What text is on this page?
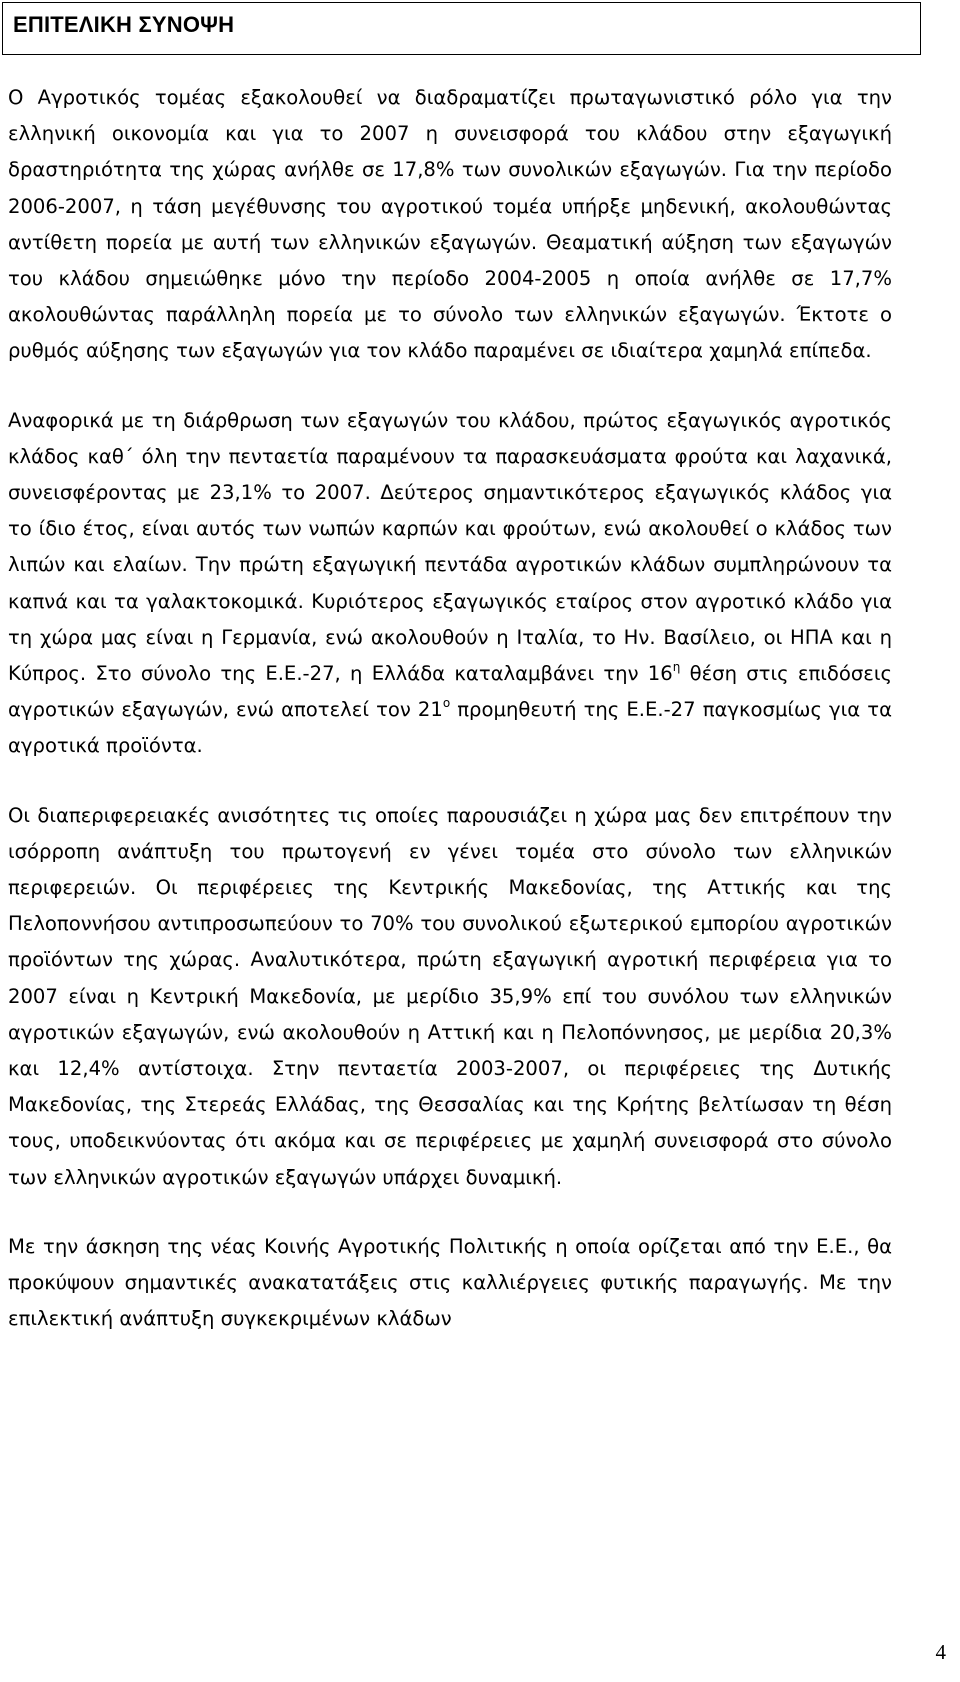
ΕΠΙΤΕΛΙΚΗ ΣΥΝΟΨΗ

Ο Αγροτικός τομέας εξακολουθεί να διαδραματίζει πρωταγωνιστικό ρόλο για την ελληνική οικονομία και για το 2007 η συνεισφορά του κλάδου στην εξαγωγική δραστηριότητα της χώρας ανήλθε σε 17,8% των συνολικών εξαγωγών. Για την περίοδο 2006-2007, η τάση μεγέθυνσης του αγροτικού τομέα υπήρξε μηδενική, ακολουθώντας αντίθετη πορεία με αυτή των ελληνικών εξαγωγών. Θεαματική αύξηση των εξαγωγών του κλάδου σημειώθηκε μόνο την περίοδο 2004-2005 η οποία ανήλθε σε 17,7% ακολουθώντας παράλληλη πορεία με το σύνολο των ελληνικών εξαγωγών. Έκτοτε ο ρυθμός αύξησης των εξαγωγών για τον κλάδο παραμένει σε ιδιαίτερα χαμηλά επίπεδα.

Αναφορικά με τη διάρθρωση των εξαγωγών του κλάδου, πρώτος εξαγωγικός αγροτικός κλάδος καθ΄ όλη την πενταετία παραμένουν τα παρασκευάσματα φρούτα και λαχανικά, συνεισφέροντας με 23,1% το 2007. Δεύτερος σημαντικότερος εξαγωγικός κλάδος για το ίδιο έτος, είναι αυτός των νωπών καρπών και φρούτων, ενώ ακολουθεί ο κλάδος των λιπών και ελαίων. Την πρώτη εξαγωγική πεντάδα αγροτικών κλάδων συμπληρώνουν τα καπνά και τα γαλακτοκομικά. Κυριότερος εξαγωγικός εταίρος στον αγροτικό κλάδο για τη χώρα μας είναι η Γερμανία, ενώ ακολουθούν η Ιταλία, το Ην. Βασίλειο, οι ΗΠΑ και η Κύπρος. Στο σύνολο της Ε.Ε.-27, η Ελλάδα καταλαμβάνει την $16^\eta$ θέση στις επιδόσεις αγροτικών εξαγωγών, ενώ αποτελεί τον $21^o$ προμηθευτή της Ε.Ε.-27 παγκοσμίως για τα αγροτικά προϊόντα.

Οι διαπεριφερειακές ανισότητες τις οποίες παρουσιάζει η χώρα μας δεν επιτρέπουν την ισόρροπη ανάπτυξη του πρωτογενή εν γένει τομέα στο σύνολο των ελληνικών περιφερειών. Οι περιφέρειες της Κεντρικής Μακεδονίας, της Αττικής και της Πελοποννήσου αντιπροσωπεύουν το 70% του συνολικού εξωτερικού εμπορίου αγροτικών προϊόντων της χώρας. Αναλυτικότερα, πρώτη εξαγωγική αγροτική περιφέρεια για το 2007 είναι η Κεντρική Μακεδονία, με μερίδιο 35,9% επί του συνόλου των ελληνικών αγροτικών εξαγωγών, ενώ ακολουθούν η Αττική και η Πελοπόννησος, με μερίδια 20,3% και 12,4% αντίστοιχα. Στην πενταετία 2003-2007, οι περιφέρειες της Δυτικής Μακεδονίας, της Στερεάς Ελλάδας, της Θεσσαλίας και της Κρήτης βελτίωσαν τη θέση τους, υποδεικνύοντας ότι ακόμα και σε περιφέρειες με χαμηλή συνεισφορά στο σύνολο των ελληνικών αγροτικών εξαγωγών υπάρχει δυναμική.

Με την άσκηση της νέας Κοινής Αγροτικής Πολιτικής η οποία ορίζεται από την Ε.Ε., θα προκύψουν σημαντικές ανακατατάξεις στις καλλιέργειες φυτικής παραγωγής. Με την επιλεκτική ανάπτυξη συγκεκριμένων κλάδων

4
